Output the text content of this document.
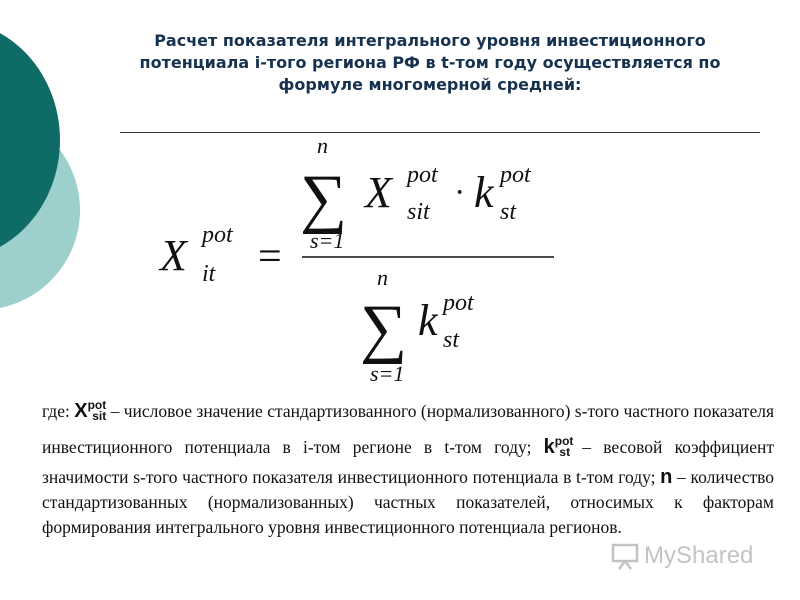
Расчет показателя интегрального уровня инвестиционного потенциала i-того региона РФ в t-том году осуществляется по формуле многомерной средней:
X pot
it =
n
∑
s=1
X pot
sit
· k pot
st
n
∑
s=1
k pot
st

где: $X^{pot}_{sit}$ – числовое значение стандартизованного (нормализованного) s-того частного показателя инвестиционного потенциала в i-том регионе в t-том году; $k^{pot}_{st}$ – весовой коэффициент значимости s-того частного показателя инвестиционного потенциала в t-том году; n – количество стандартизованных (нормализованных) частных показателей, относимых к факторам формирования интегрального уровня инвестиционного потенциала регионов.

MyShared
